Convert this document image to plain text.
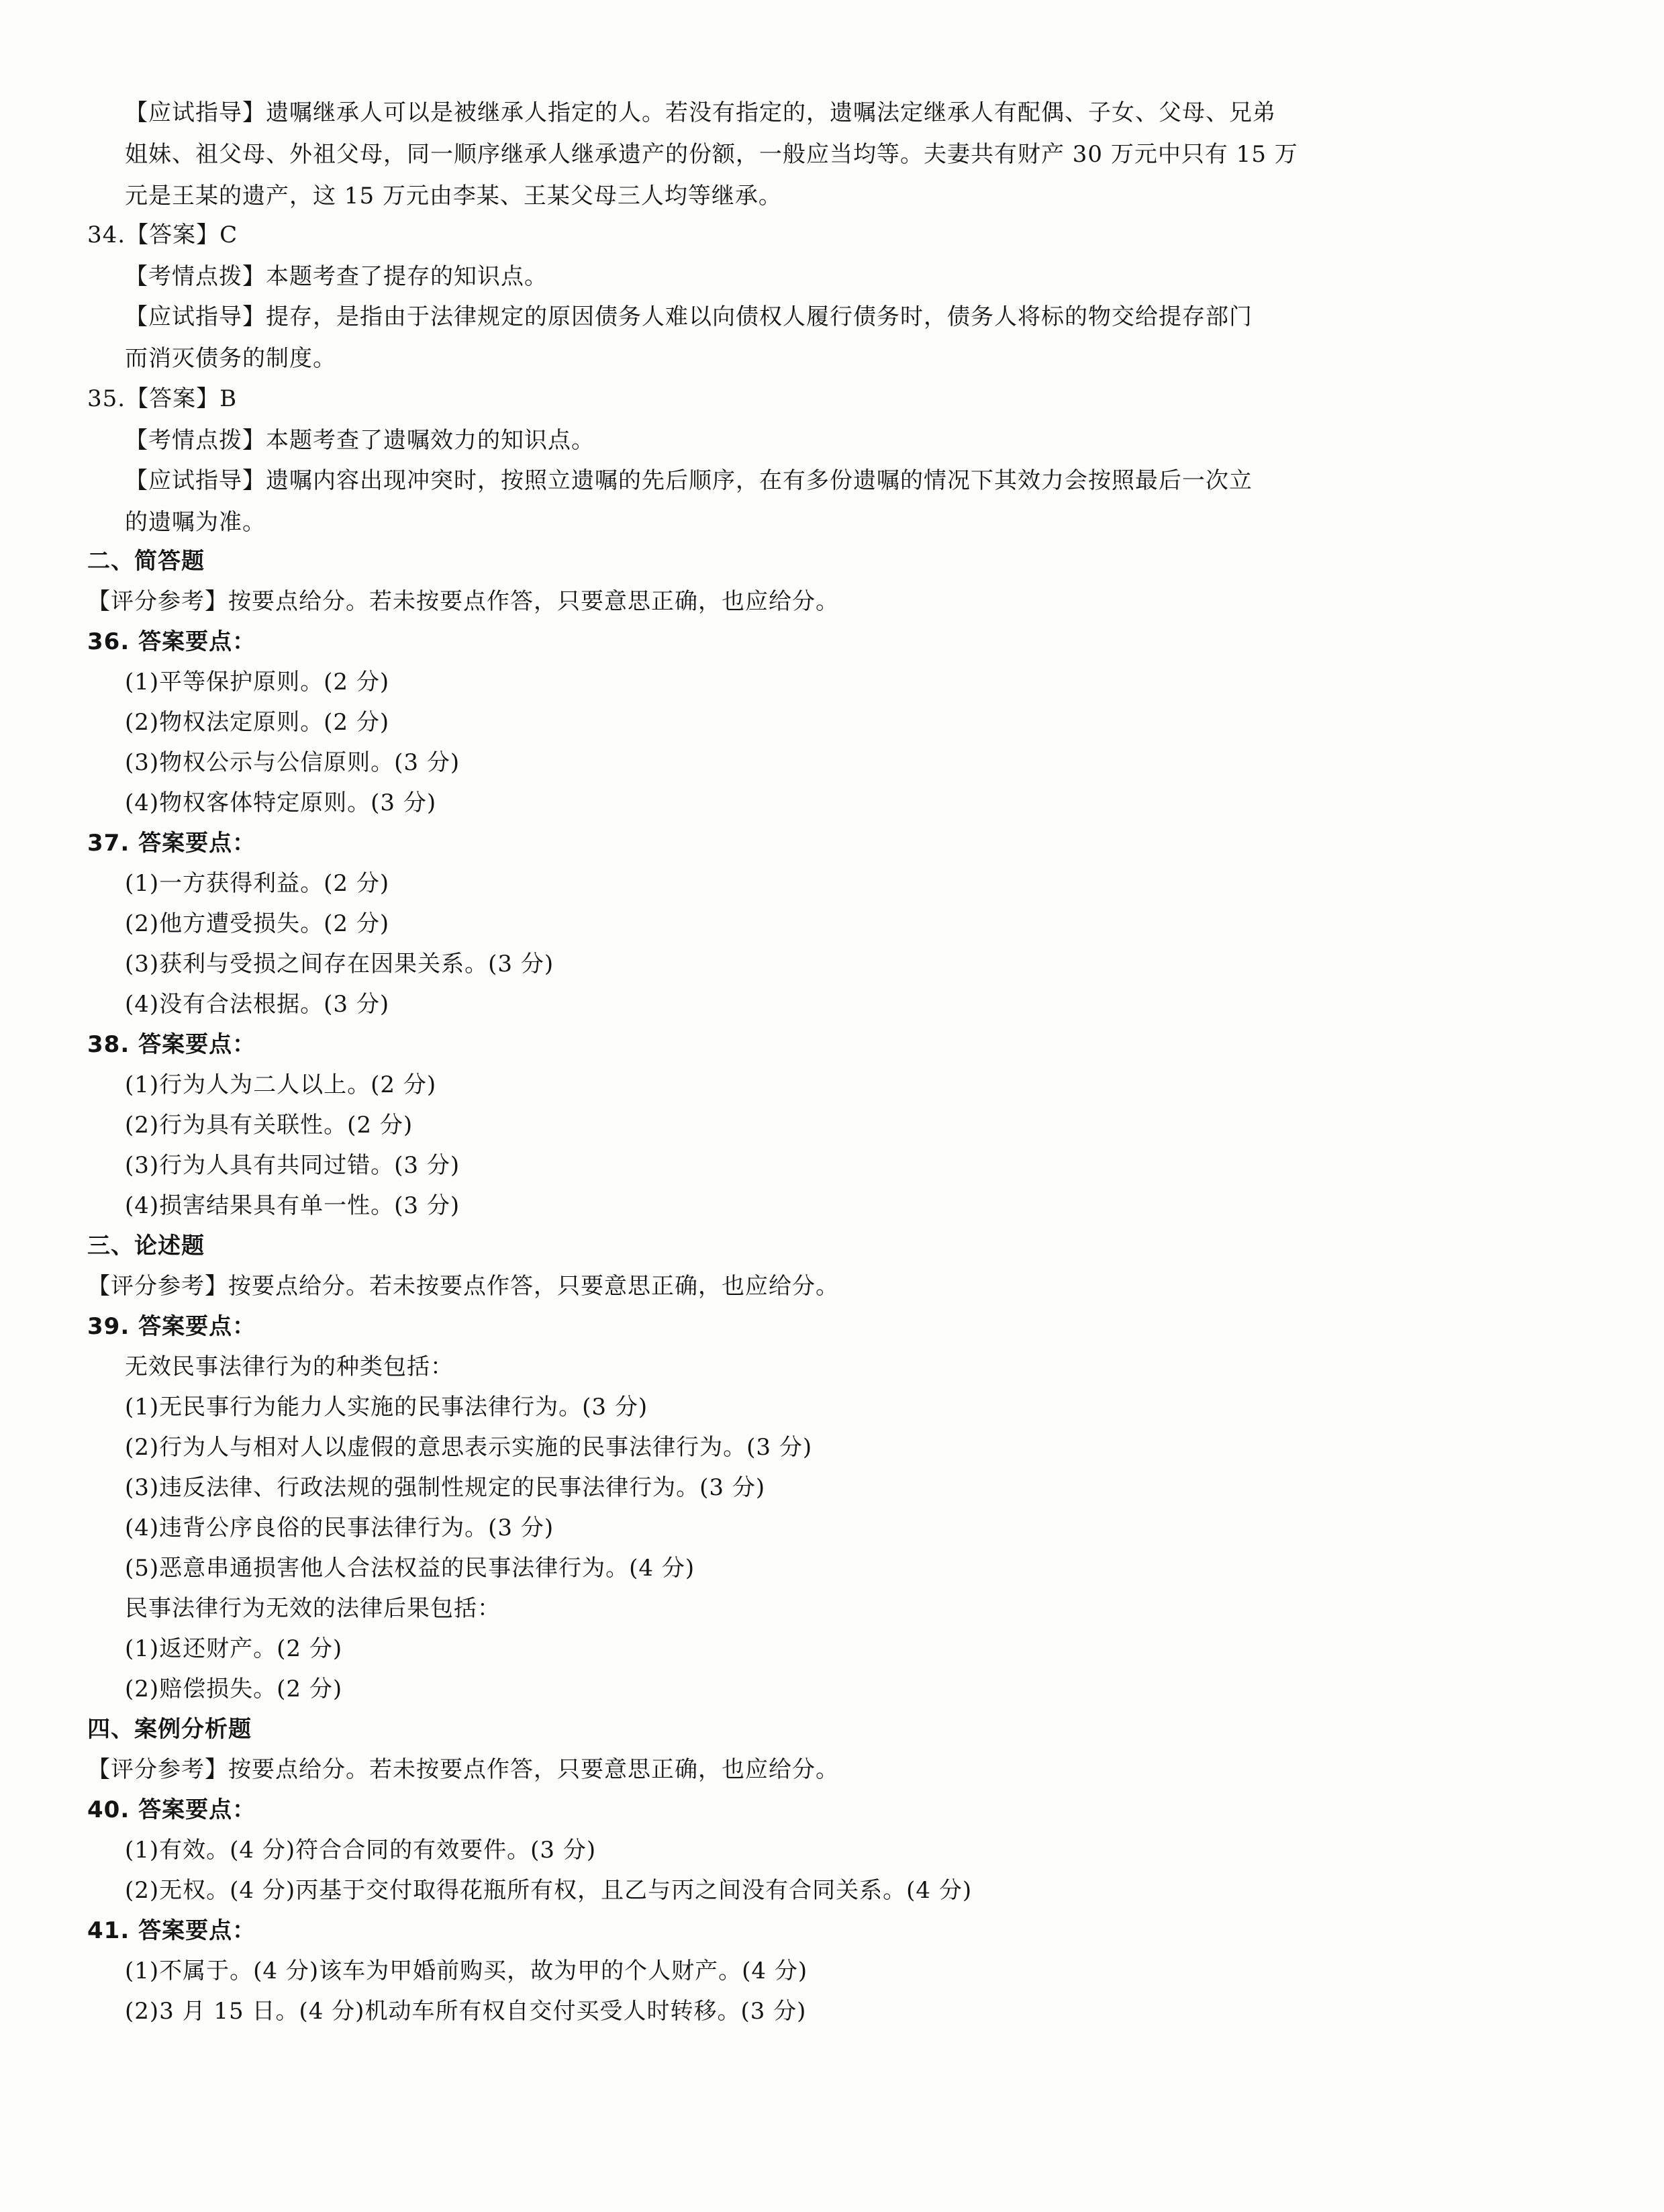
【应试指导】遗嘱继承人可以是被继承人指定的人。若没有指定的，遗嘱法定继承人有配偶、子女、父母、兄弟
姐妹、祖父母、外祖父母，同一顺序继承人继承遗产的份额，一般应当均等。夫妻共有财产 30 万元中只有 15 万
元是王某的遗产，这 15 万元由李某、王某父母三人均等继承。
34.【答案】C
【考情点拨】本题考查了提存的知识点。
【应试指导】提存，是指由于法律规定的原因债务人难以向债权人履行债务时，债务人将标的物交给提存部门
而消灭债务的制度。
35.【答案】B
【考情点拨】本题考查了遗嘱效力的知识点。
【应试指导】遗嘱内容出现冲突时，按照立遗嘱的先后顺序，在有多份遗嘱的情况下其效力会按照最后一次立
的遗嘱为准。
二、简答题
【评分参考】按要点给分。若未按要点作答，只要意思正确，也应给分。
36. 答案要点：
(1)平等保护原则。(2 分)
(2)物权法定原则。(2 分)
(3)物权公示与公信原则。(3 分)
(4)物权客体特定原则。(3 分)
37. 答案要点：
(1)一方获得利益。(2 分)
(2)他方遭受损失。(2 分)
(3)获利与受损之间存在因果关系。(3 分)
(4)没有合法根据。(3 分)
38. 答案要点：
(1)行为人为二人以上。(2 分)
(2)行为具有关联性。(2 分)
(3)行为人具有共同过错。(3 分)
(4)损害结果具有单一性。(3 分)
三、论述题
【评分参考】按要点给分。若未按要点作答，只要意思正确，也应给分。
39. 答案要点：
无效民事法律行为的种类包括：
(1)无民事行为能力人实施的民事法律行为。(3 分)
(2)行为人与相对人以虚假的意思表示实施的民事法律行为。(3 分)
(3)违反法律、行政法规的强制性规定的民事法律行为。(3 分)
(4)违背公序良俗的民事法律行为。(3 分)
(5)恶意串通损害他人合法权益的民事法律行为。(4 分)
民事法律行为无效的法律后果包括：
(1)返还财产。(2 分)
(2)赔偿损失。(2 分)
四、案例分析题
【评分参考】按要点给分。若未按要点作答，只要意思正确，也应给分。
40. 答案要点：
(1)有效。(4 分)符合合同的有效要件。(3 分)
(2)无权。(4 分)丙基于交付取得花瓶所有权，且乙与丙之间没有合同关系。(4 分)
41. 答案要点：
(1)不属于。(4 分)该车为甲婚前购买，故为甲的个人财产。(4 分)
(2)3 月 15 日。(4 分)机动车所有权自交付买受人时转移。(3 分)
